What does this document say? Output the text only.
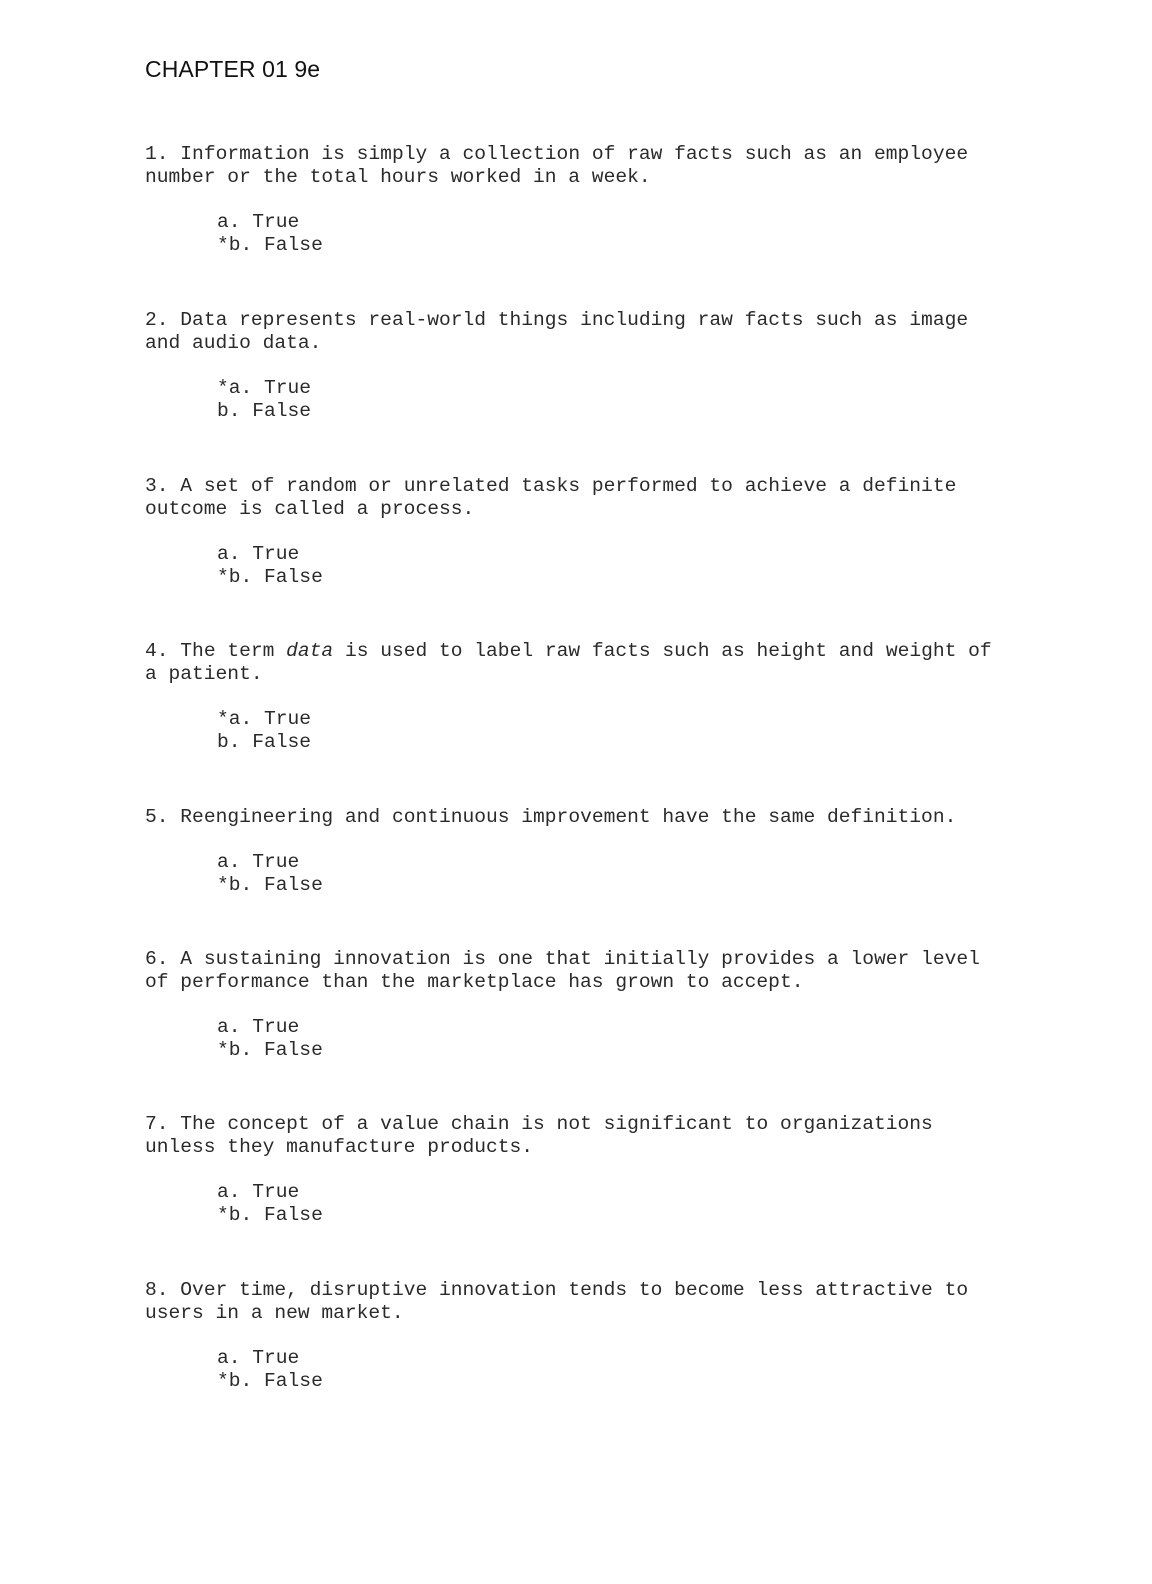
CHAPTER 01 9e

1. Information is simply a collection of raw facts such as an employee number or the total hours worked in a week.

a. True
*b. False

2. Data represents real-world things including raw facts such as image and audio data.

*a. True
b. False

3. A set of random or unrelated tasks performed to achieve a definite outcome is called a process.

a. True
*b. False

4. The term data is used to label raw facts such as height and weight of a patient.

*a. True
b. False

5. Reengineering and continuous improvement have the same definition.

a. True
*b. False

6. A sustaining innovation is one that initially provides a lower level of performance than the marketplace has grown to accept.

a. True
*b. False

7. The concept of a value chain is not significant to organizations unless they manufacture products.

a. True
*b. False

8. Over time, disruptive innovation tends to become less attractive to users in a new market.

a. True
*b. False
